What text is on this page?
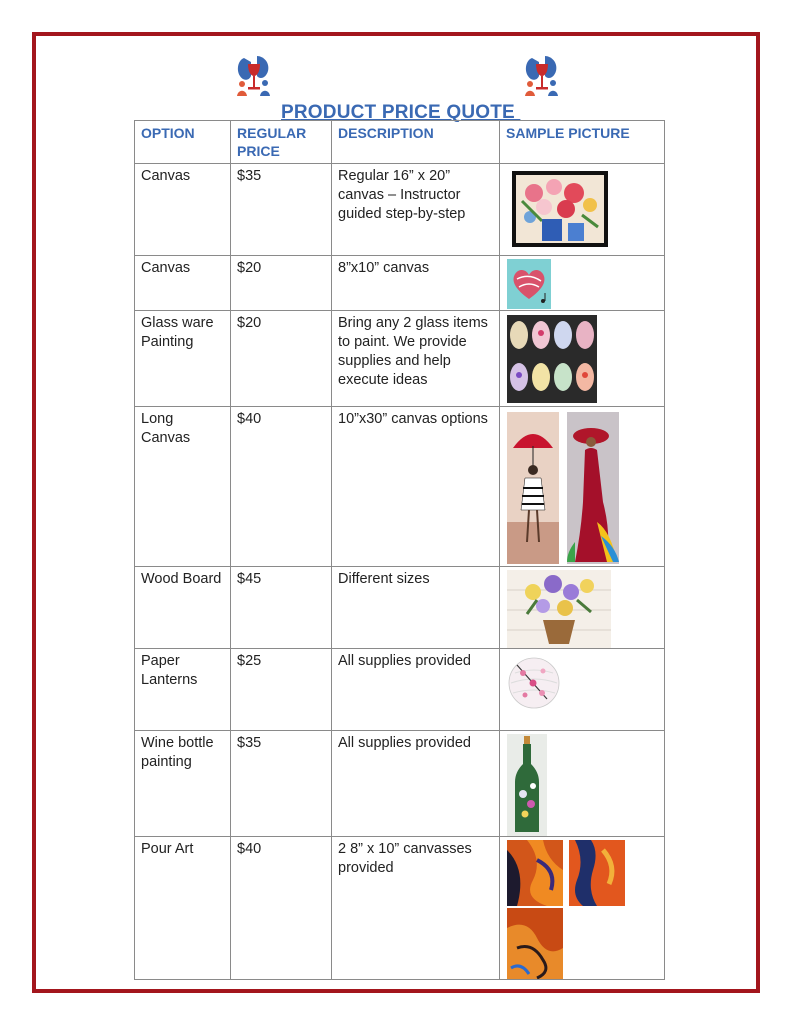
PRODUCT PRICE QUOTE
OPTION	REGULAR PRICE	DESCRIPTION	SAMPLE PICTURE
Canvas	$35	Regular 16” x 20” canvas – Instructor guided step-by-step	

Canvas	$20	8”x10” canvas	

Glass ware Painting	$20	Bring any 2 glass items to paint. We provide supplies and help execute ideas	

Long Canvas	$40	10”x30” canvas options	

Wood Board	$45	Different sizes	

Paper Lanterns	$25	All supplies provided	

Wine bottle painting	$35	All supplies provided	

Pour Art	$40	2 8” x 10” canvasses provided	
